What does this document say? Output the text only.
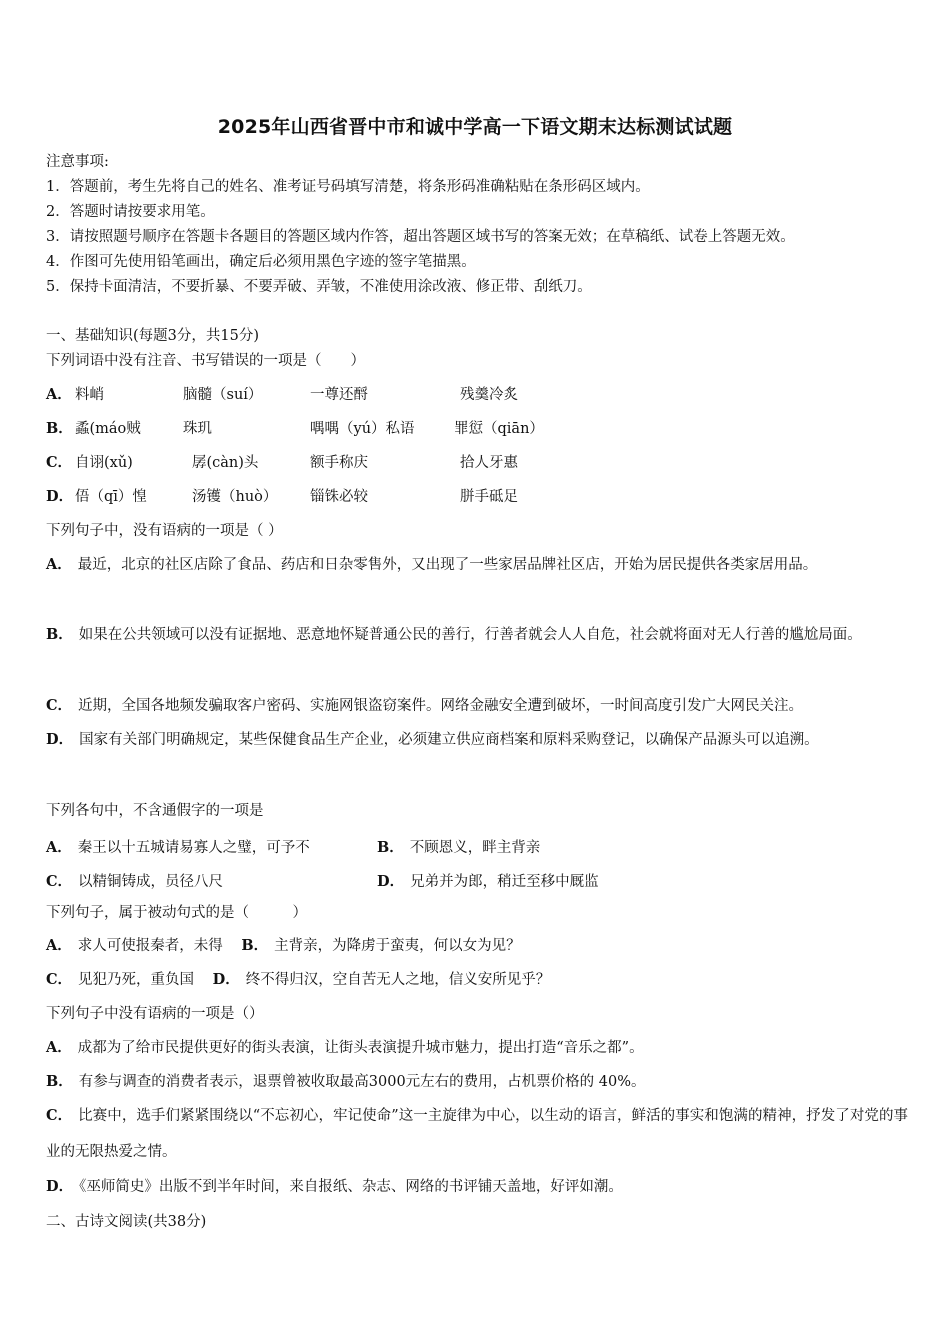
2025年山西省晋中市和诚中学高一下语文期末达标测试试题
注意事项:
1．答题前，考生先将自己的姓名、准考证号码填写清楚，将条形码准确粘贴在条形码区域内。
2．答题时请按要求用笔。
3．请按照题号顺序在答题卡各题目的答题区域内作答，超出答题区域书写的答案无效；在草稿纸、试卷上答题无效。
4．作图可先使用铅笔画出，确定后必须用黑色字迹的签字笔描黑。
5．保持卡面清洁，不要折暴、不要弄破、弄皱，不准使用涂改液、修正带、刮纸刀。
一、基础知识(每题3分，共15分)
下列词语中没有注音、书写错误的一项是（　　）
A． 料峭	脑髓（suí）	一尊还酹	残羹冷炙
B． 蟊(máo贼	珠玑	喁喁（yú）私语	罪愆（qiān）
C． 自诩(xǔ)	孱(càn)头	额手称庆	拾人牙惠
D． 俉（qī）惶	汤镬（huò） 锱铢必较	胼手砥足
下列句子中，没有语病的一项是（ ）
A． 最近，北京的社区店除了食品、药店和日杂零售外，又出现了一些家居品牌社区店，开始为居民提供各类家居用品。
B． 如果在公共领域可以没有证据地、恶意地怀疑普通公民的善行，行善者就会人人自危，社会就将面对无人行善的尴尬局面。
C． 近期，全国各地频发骗取客户密码、实施网银盗窃案件。网络金融安全遭到破坏，一时间高度引发广大网民关注。
D． 国家有关部门明确规定，某些保健食品生产企业，必须建立供应商档案和原料采购登记，以确保产品源头可以追溯。
下列各句中，不含通假字的一项是
A． 秦王以十五城请易寡人之璧，可予不	B． 不顾恩义，畔主背亲
C． 以精铜铸成，员径八尺	D． 兄弟并为郎，稍迁至移中厩监
下列句子，属于被动句式的是（　　　）
A． 求人可使报秦者，未得 B． 主背亲，为降虏于蛮夷，何以女为见？
C． 见犯乃死，重负国 D． 终不得归汉，空自苦无人之地，信义安所见乎？
下列句子中没有语病的一项是（）
A． 成都为了给市民提供更好的街头表演，让街头表演提升城市魅力，提出打造“音乐之都”。
B． 有参与调查的消费者表示，退票曾被收取最高3000元左右的费用，占机票价格的 40%。
C． 比赛中，选手们紧紧围绕以“不忘初心，牢记使命”这一主旋律为中心，以生动的语言，鲜活的事实和饱满的精神，抒发了对党的事业的无限热爱之情。
D． 《巫师简史》出版不到半年时间，来自报纸、杂志、网络的书评铺天盖地，好评如潮。
二、古诗文阅读(共38分)
